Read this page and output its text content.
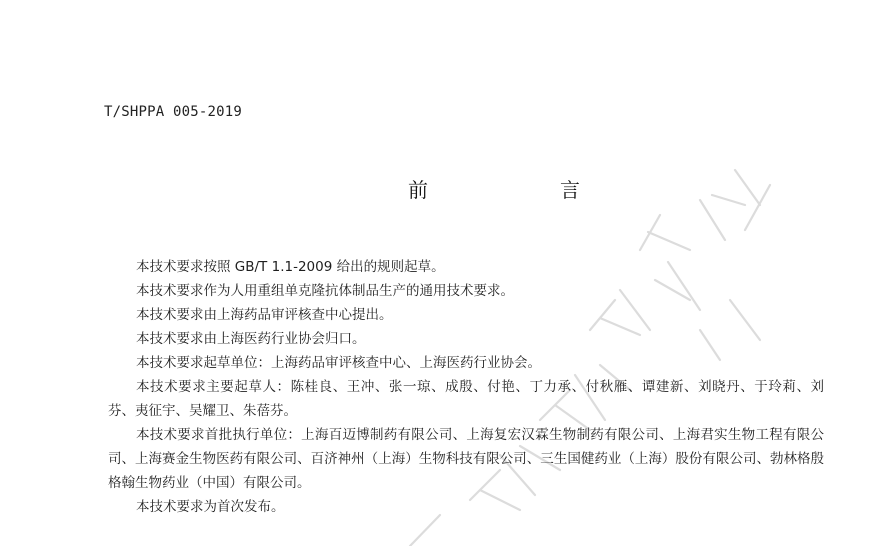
T/SHPPA 005-2019
前　言

本技术要求按照 GB/T 1.1-2009 给出的规则起草。

本技术要求作为人用重组单克隆抗体制品生产的通用技术要求。

本技术要求由上海药品审评核查中心提出。

本技术要求由上海医药行业协会归口。

本技术要求起草单位：上海药品审评核查中心、上海医药行业协会。

本技术要求主要起草人：陈桂良、王冲、张一琼、成殷、付艳、丁力承、付秋雁、谭建新、刘晓丹、于玲莉、刘芬、夷征宇、吴耀卫、朱蓓芬。

本技术要求首批执行单位：上海百迈博制药有限公司、上海复宏汉霖生物制药有限公司、上海君实生物工程有限公司、上海赛金生物医药有限公司、百济神州（上海）生物科技有限公司、三生国健药业（上海）股份有限公司、勃林格殷格翰生物药业（中国）有限公司。

本技术要求为首次发布。
